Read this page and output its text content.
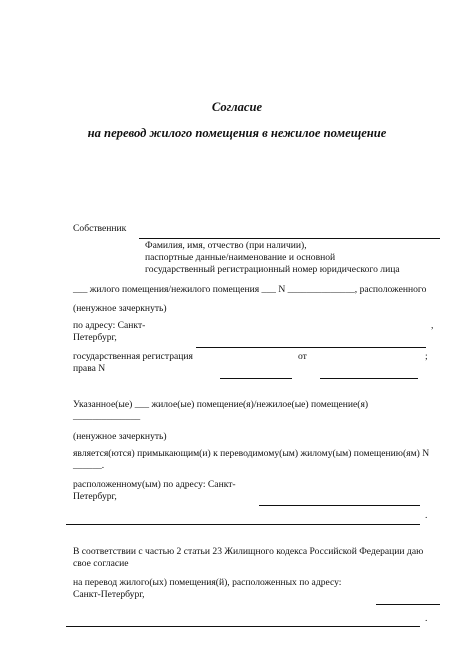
Согласие
на перевод жилого помещения в нежилое помещение
Собственник
Фамилия, имя, отчество (при наличии),
паспортные данные/наименование и основной
государственный регистрационный номер юридического лица
___ жилого помещения/нежилого помещения ___ N ______________, расположенного
(ненужное зачеркнуть)
по адресу: Санкт-	,
Петербург,
государственная регистрация	от	;
права N
Указанное(ые) ___ жилое(ые) помещение(я)/нежилое(ые) помещение(я)
______________
(ненужное зачеркнуть)
является(ются) примыкающим(и) к переводимому(ым) жилому(ым) помещению(ям) N
______.
расположенному(ым) по адресу: Санкт-
Петербург,
.
В соответствии с частью 2 статьи 23 Жилищного кодекса Российской Федерации даю
свое согласие
на перевод жилого(ых) помещения(й), расположенных по адресу:
Санкт-Петербург,
.
